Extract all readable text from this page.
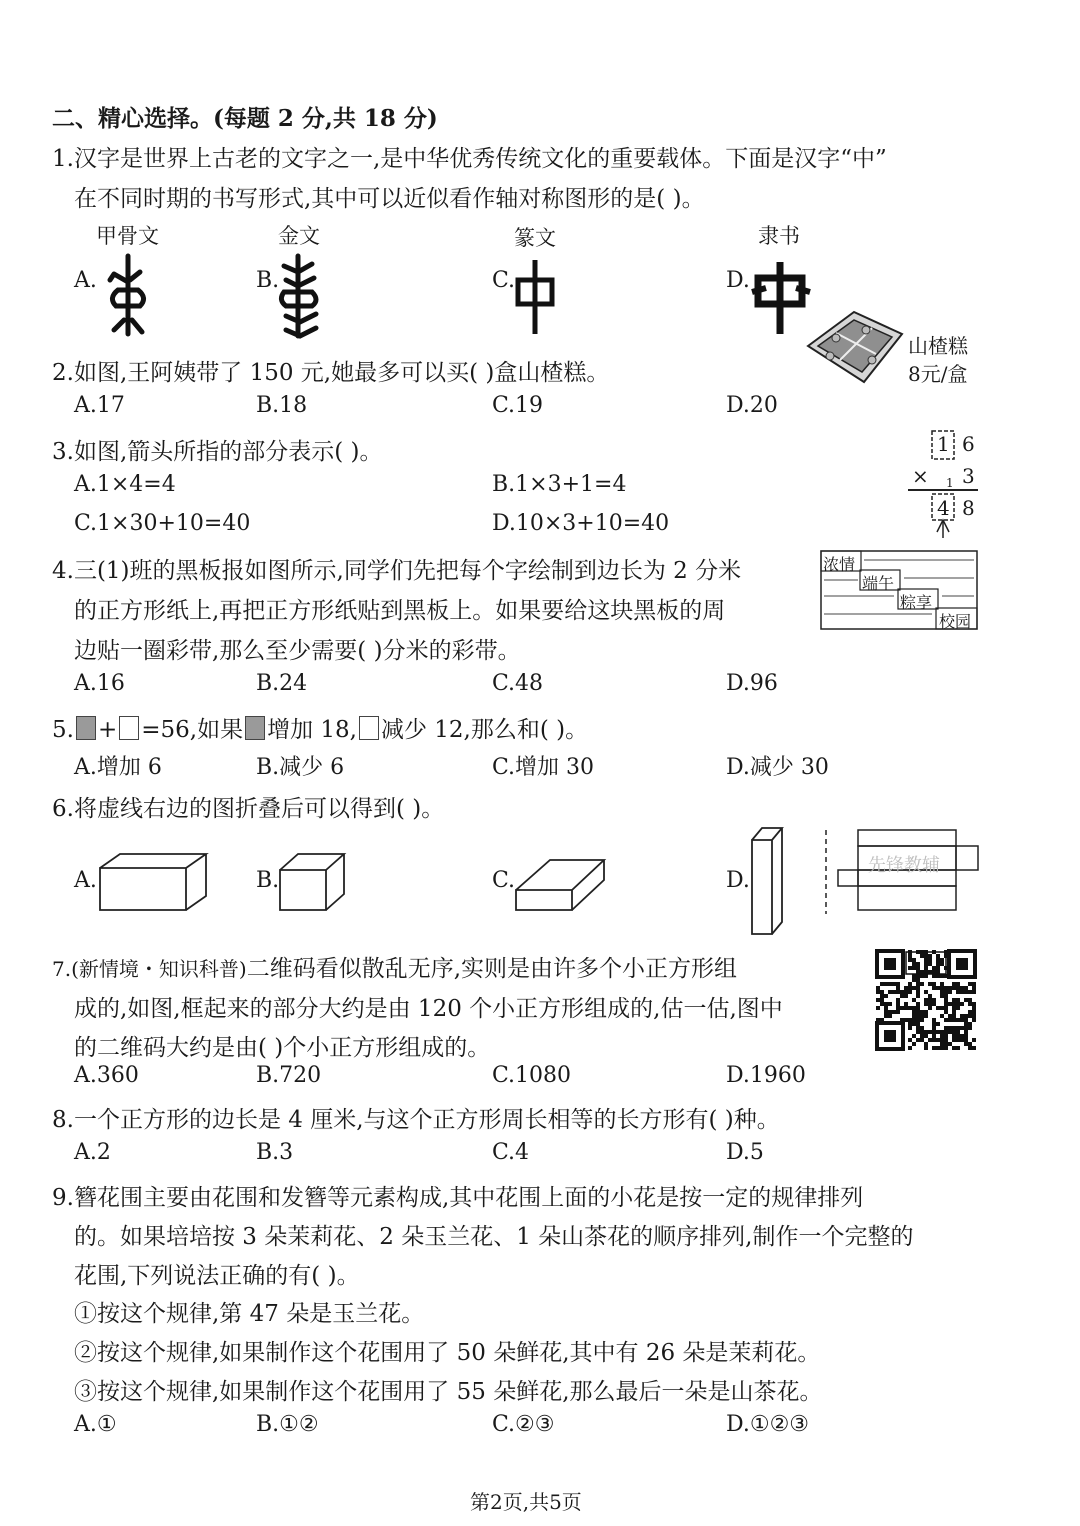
二、精心选择。(每题 2 分,共 18 分)
1.汉字是世界上古老的文字之一,是中华优秀传统文化的重要载体。下面是汉字“中”
在不同时期的书写形式,其中可以近似看作轴对称图形的是( )。
甲骨文	金文	篆文	隶书
A.	B.	C.	D.
山楂糕
8元/盒
2.如图,王阿姨带了 150 元,她最多可以买( )盒山楂糕。
A.17	B.18	C.19	D.20
3.如图,箭头所指的部分表示( )。
A.1×4=4	B.1×3+1=4
C.1×30+10=40	D.10×3+10=40
1 6
× 1 3
4 8
4.三(1)班的黑板报如图所示,同学们先把每个字绘制到边长为 2 分米
的正方形纸上,再把正方形纸贴到黑板上。如果要给这块黑板的周
边贴一圈彩带,那么至少需要( )分米的彩带。
A.16	B.24	C.48	D.96
浓情
端午
粽享
校园
5. + =56,如果 增加 18, 减少 12,那么和( )。
A.增加 6	B.减少 6	C.增加 30	D.减少 30
6.将虚线右边的图折叠后可以得到( )。
A.	B.	C.	D.
先锋教辅
7.(新情境・知识科普)二维码看似散乱无序,实则是由许多个小正方形组
成的,如图,框起来的部分大约是由 120 个小正方形组成的,估一估,图中
的二维码大约是由( )个小正方形组成的。
A.360	B.720	C.1080	D.1960
8.一个正方形的边长是 4 厘米,与这个正方形周长相等的长方形有( )种。
A.2	B.3	C.4	D.5
9.簪花围主要由花围和发簪等元素构成,其中花围上面的小花是按一定的规律排列
的。如果培培按 3 朵茉莉花、2 朵玉兰花、1 朵山茶花的顺序排列,制作一个完整的
花围,下列说法正确的有( )。
①按这个规律,第 47 朵是玉兰花。
②按这个规律,如果制作这个花围用了 50 朵鲜花,其中有 26 朵是茉莉花。
③按这个规律,如果制作这个花围用了 55 朵鲜花,那么最后一朵是山茶花。
A.①	B.①②	C.②③	D.①②③
第2页,共5页
